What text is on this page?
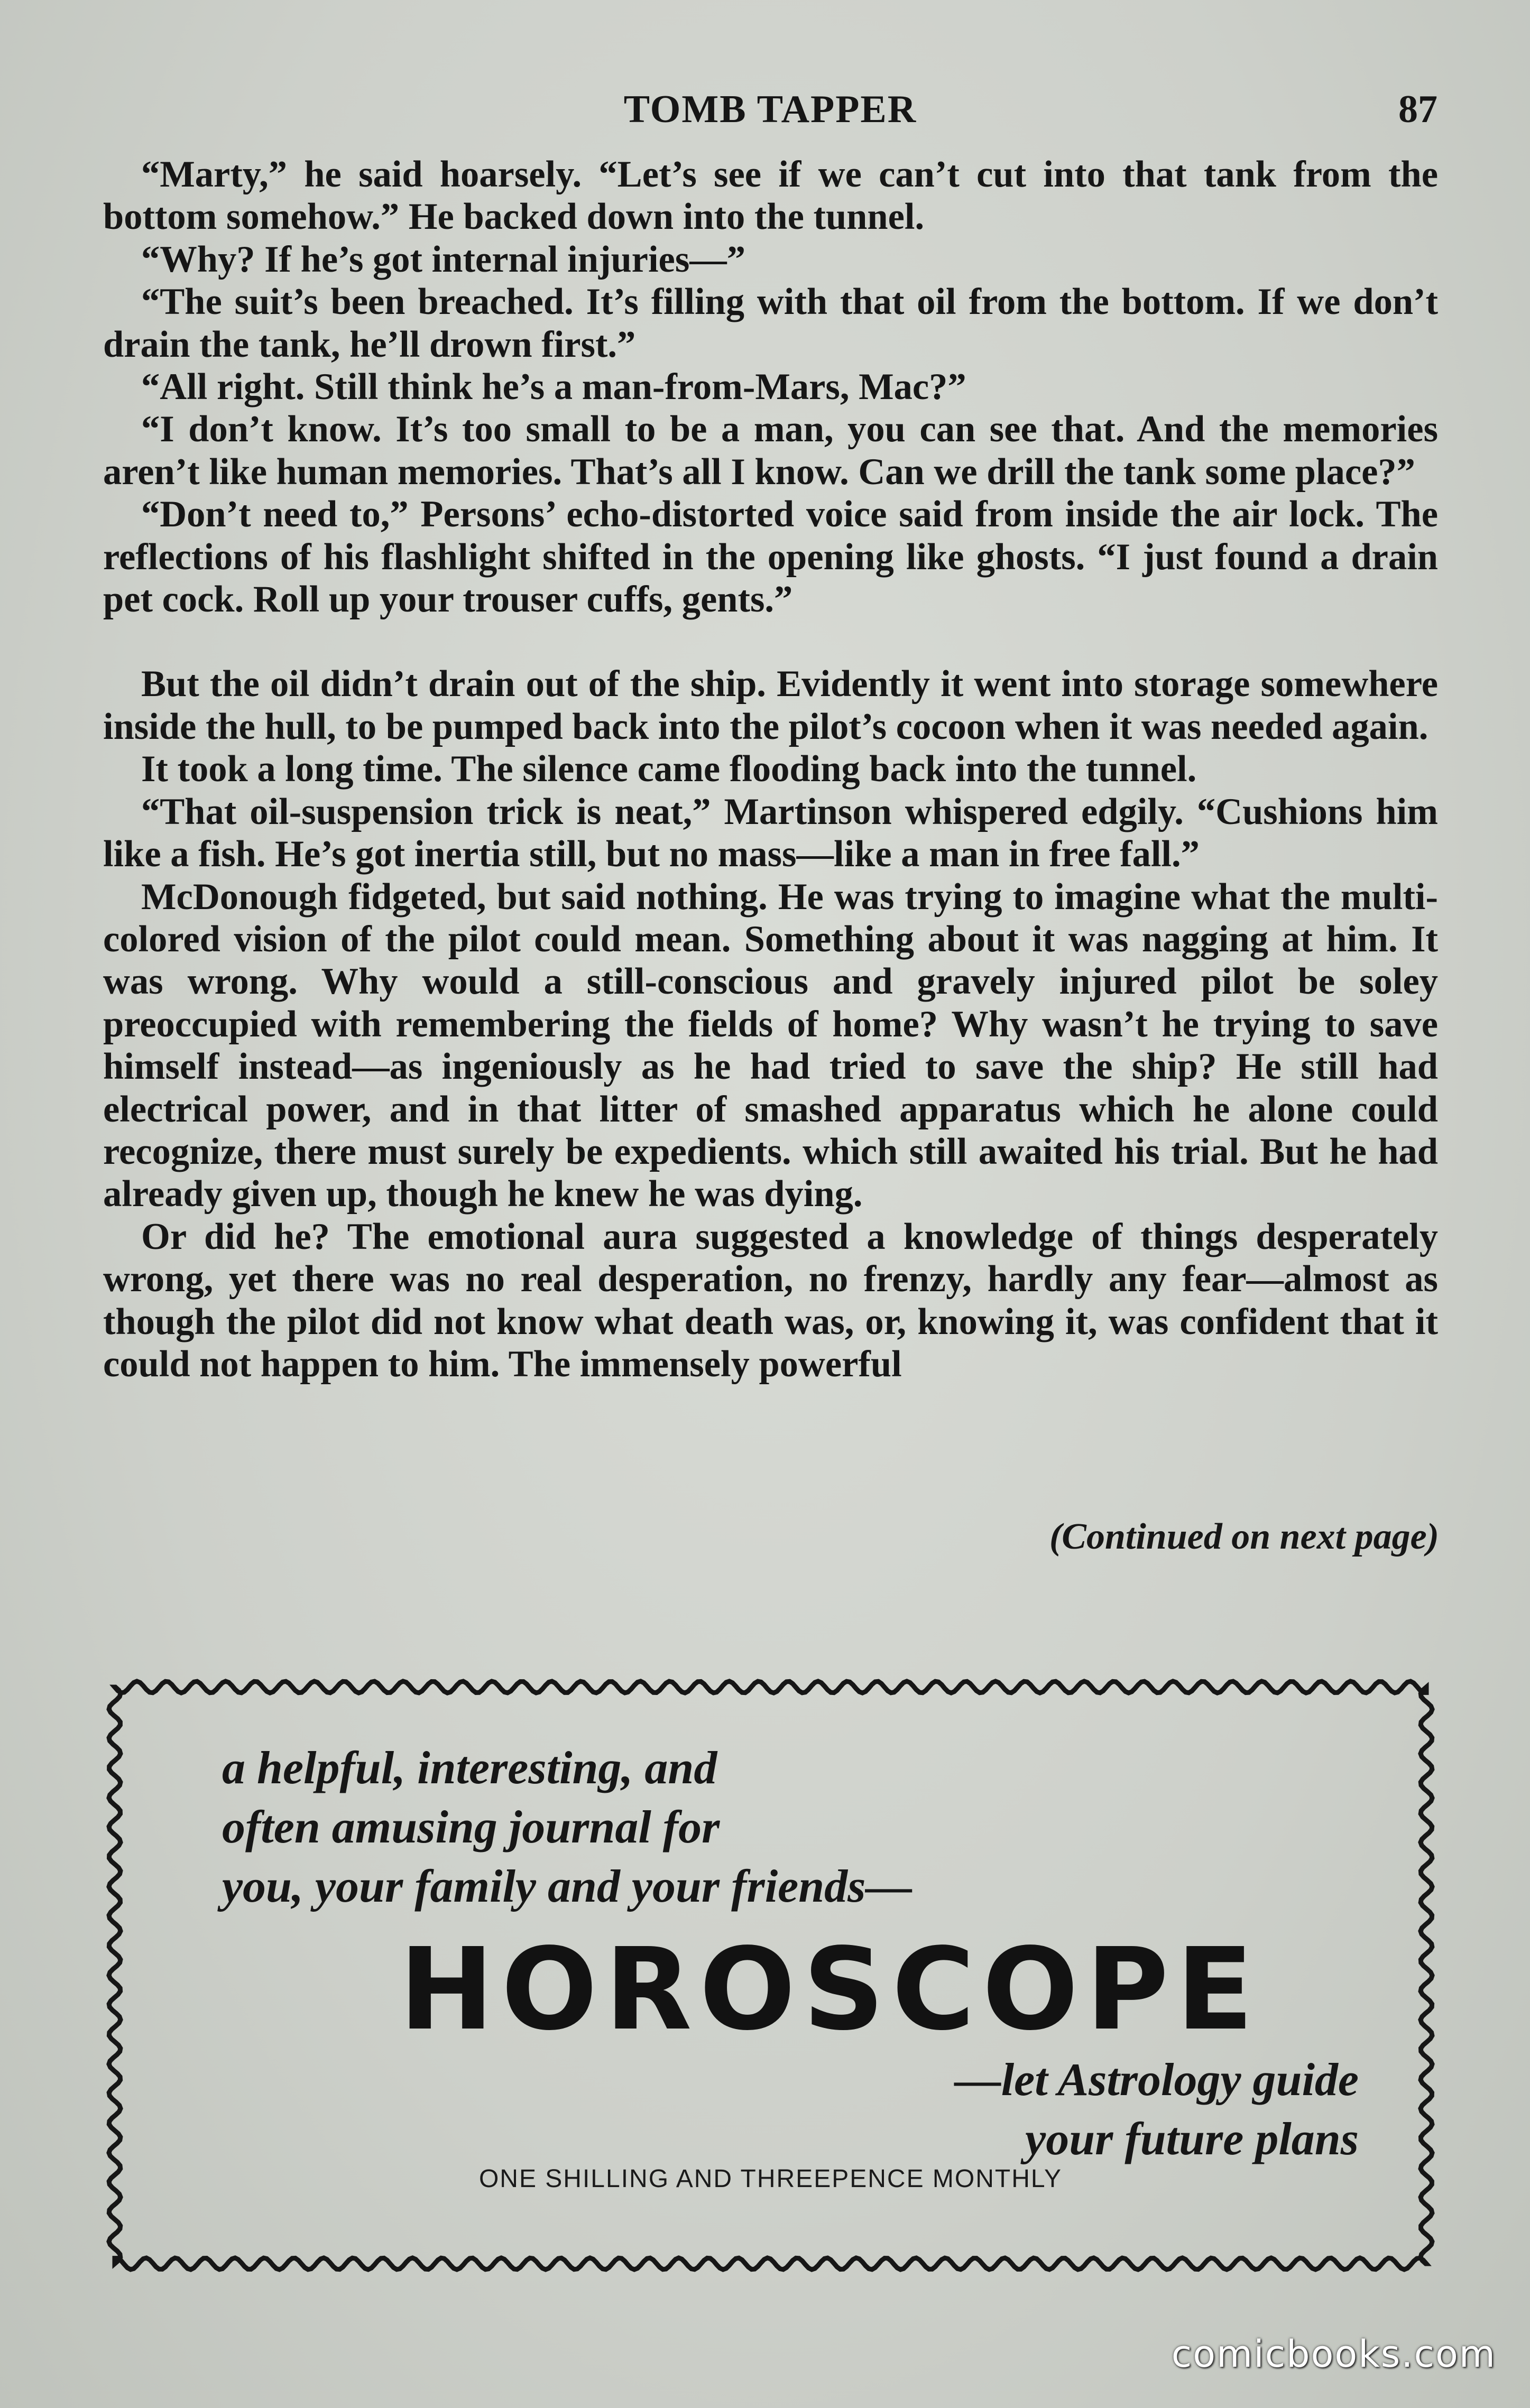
TOMB TAPPER	87

“Marty,” he said hoarsely. “Let’s see if we can’t cut into that tank from the bottom somehow.” He backed down into the tunnel.

“Why? If he’s got internal injuries—”

“The suit’s been breached. It’s filling with that oil from the bottom. If we don’t drain the tank, he’ll drown first.”

“All right. Still think he’s a man-from-Mars, Mac?”

“I don’t know. It’s too small to be a man, you can see that. And the memories aren’t like human memories. That’s all I know. Can we drill the tank some place?”

“Don’t need to,” Persons’ echo-distorted voice said from inside the air lock. The reflections of his flashlight shifted in the opening like ghosts. “I just found a drain pet cock. Roll up your trouser cuffs, gents.”

But the oil didn’t drain out of the ship. Evidently it went into storage somewhere inside the hull, to be pumped back into the pilot’s cocoon when it was needed again.

It took a long time. The silence came flooding back into the tunnel.

“That oil-suspension trick is neat,” Martinson whispered edgily. “Cushions him like a fish. He’s got inertia still, but no mass—like a man in free fall.”

McDonough fidgeted, but said nothing. He was trying to imagine what the multi-colored vision of the pilot could mean. Something about it was nagging at him. It was wrong. Why would a still-conscious and gravely injured pilot be soley preoccupied with remembering the fields of home? Why wasn’t he trying to save himself instead—as ingeniously as he had tried to save the ship? He still had electrical power, and in that litter of smashed apparatus which he alone could recognize, there must surely be expedients. which still awaited his trial. But he had already given up, though he knew he was dying.

Or did he? The emotional aura suggested a knowledge of things desperately wrong, yet there was no real desperation, no frenzy, hardly any fear—almost as though the pilot did not know what death was, or, knowing it, was confident that it could not happen to him. The immensely powerful

(Continued on next page)
a helpful, interesting, and
often amusing journal for
you, your family and your friends—
HOROSCOPE
—let Astrology guide
your future plans
ONE SHILLING AND THREEPENCE MONTHLY
comicbooks.com
